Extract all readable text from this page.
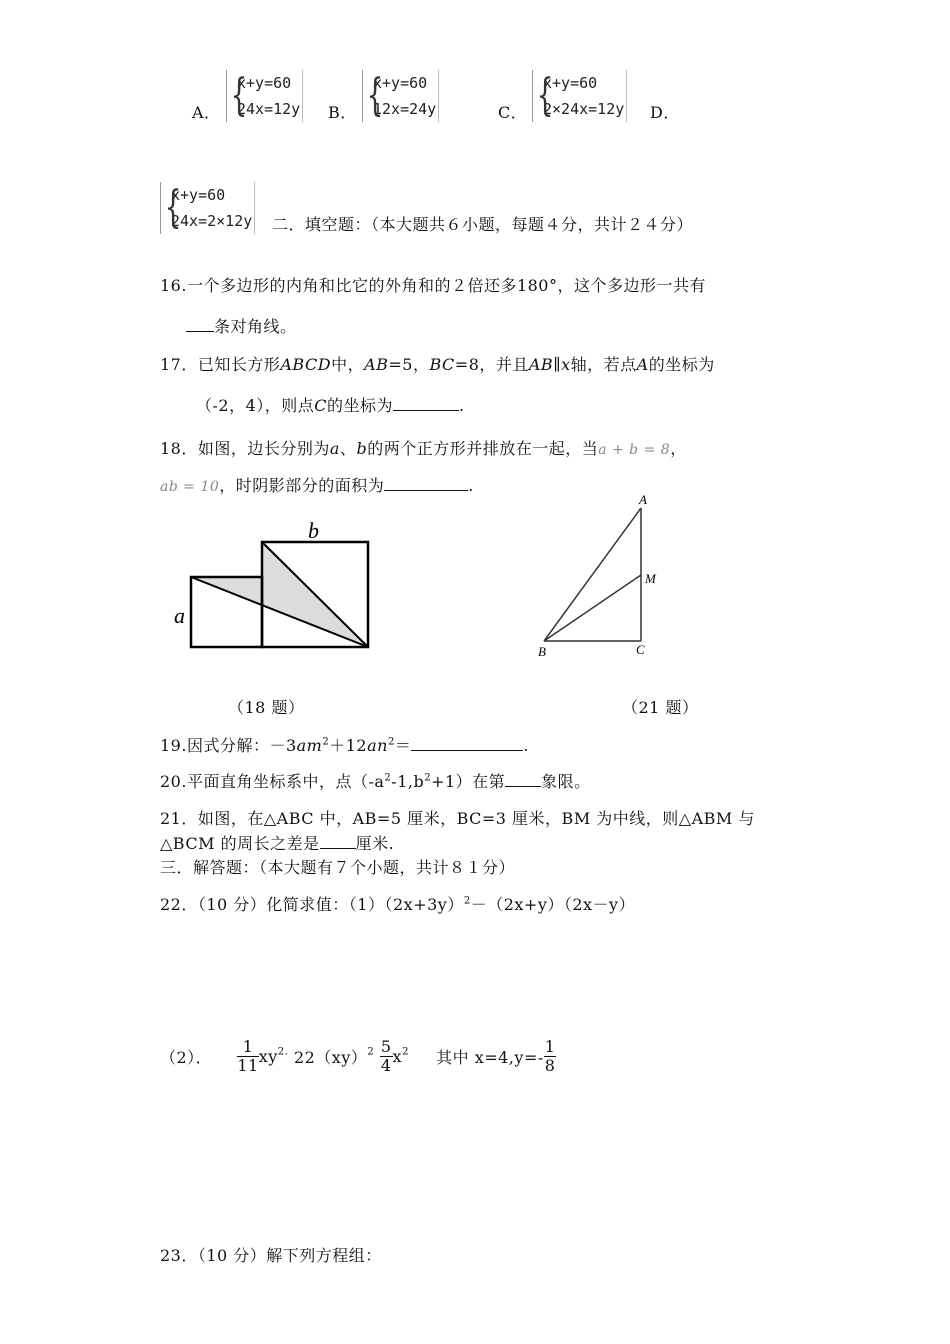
A．
{ x+y=60
24x=12y B．
{ x+y=60
12x=24y	C．
{ x+y=60
2×24x=12y D．
{ x+y=60
24x=2×12y 二．填空题：（本大题共６小题，每题４分，共计２４分）
16.一个多边形的内角和比它的外角和的２倍还多180°，这个多边形一共有
条对角线。
17．已知长方形ABCD中，AB=5，BC=8，并且AB∥x轴，若点A的坐标为
（-2，4），则点C的坐标为	.
18．如图，边长分别为a、b的两个正方形并排放在一起，当a + b = 8，
ab = 10，时阴影部分的面积为	.
a
b
（18 题）
A
M
B	C
（21 题）
19.因式分解：$-3am^2+12an^2=$	.
20.平面直角坐标系中，点$(-a^2-1,b^2+1)$在第 象限。
21．如图，在△ABC 中，AB=5 厘米，BC=3 厘米，BM 为中线，则△ABM 与
△BCM 的周长之差是 厘米.
三．解答题：（本大题有７个小题，共计８１分）
22．（10 分）化简求值：$(1)(2x+3y)^2-(2x+y)(2x-y)$
（2）． $\frac{1}{11} xy^{2.}$ $22(xy)^2 \frac{5}{4} x^2$ 其中 $x=4,y=- \frac{1}{8}$
23．（10 分）解下列方程组：
